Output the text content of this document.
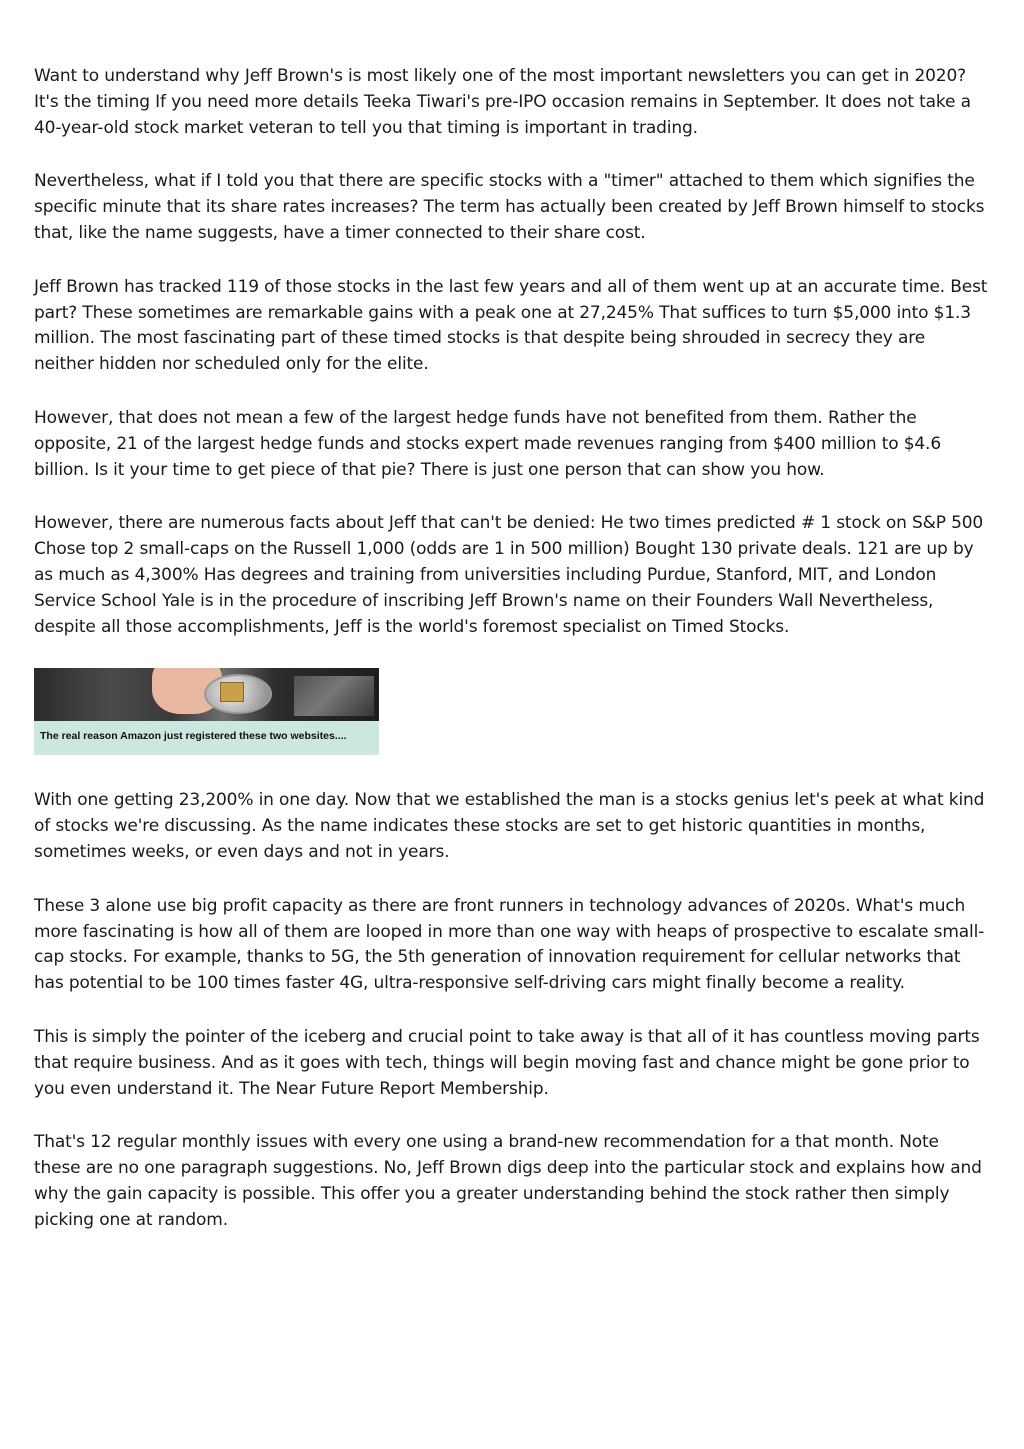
Want to understand why Jeff Brown's is most likely one of the most important newsletters you can get in 2020? It's the timing If you need more details Teeka Tiwari's pre-IPO occasion remains in September. It does not take a 40-year-old stock market veteran to tell you that timing is important in trading.

Nevertheless, what if I told you that there are specific stocks with a "timer" attached to them which signifies the specific minute that its share rates increases? The term has actually been created by Jeff Brown himself to stocks that, like the name suggests, have a timer connected to their share cost.

Jeff Brown has tracked 119 of those stocks in the last few years and all of them went up at an accurate time. Best part? These sometimes are remarkable gains with a peak one at 27,245% That suffices to turn $5,000 into $1.3 million. The most fascinating part of these timed stocks is that despite being shrouded in secrecy they are neither hidden nor scheduled only for the elite.

However, that does not mean a few of the largest hedge funds have not benefited from them. Rather the opposite, 21 of the largest hedge funds and stocks expert made revenues ranging from $400 million to $4.6 billion. Is it your time to get piece of that pie? There is just one person that can show you how.

However, there are numerous facts about Jeff that can't be denied: He two times predicted # 1 stock on S&P 500 Chose top 2 small-caps on the Russell 1,000 (odds are 1 in 500 million) Bought 130 private deals. 121 are up by as much as 4,300% Has degrees and training from universities including Purdue, Stanford, MIT, and London Service School Yale is in the procedure of inscribing Jeff Brown's name on their Founders Wall Nevertheless, despite all those accomplishments, Jeff is the world's foremost specialist on Timed Stocks.

The real reason Amazon just registered these two websites....

With one getting 23,200% in one day. Now that we established the man is a stocks genius let's peek at what kind of stocks we're discussing. As the name indicates these stocks are set to get historic quantities in months, sometimes weeks, or even days and not in years.

These 3 alone use big profit capacity as there are front runners in technology advances of 2020s. What's much more fascinating is how all of them are looped in more than one way with heaps of prospective to escalate small-cap stocks. For example, thanks to 5G, the 5th generation of innovation requirement for cellular networks that has potential to be 100 times faster 4G, ultra-responsive self-driving cars might finally become a reality.

This is simply the pointer of the iceberg and crucial point to take away is that all of it has countless moving parts that require business. And as it goes with tech, things will begin moving fast and chance might be gone prior to you even understand it. The Near Future Report Membership.

That's 12 regular monthly issues with every one using a brand-new recommendation for a that month. Note these are no one paragraph suggestions. No, Jeff Brown digs deep into the particular stock and explains how and why the gain capacity is possible. This offer you a greater understanding behind the stock rather then simply picking one at random.
